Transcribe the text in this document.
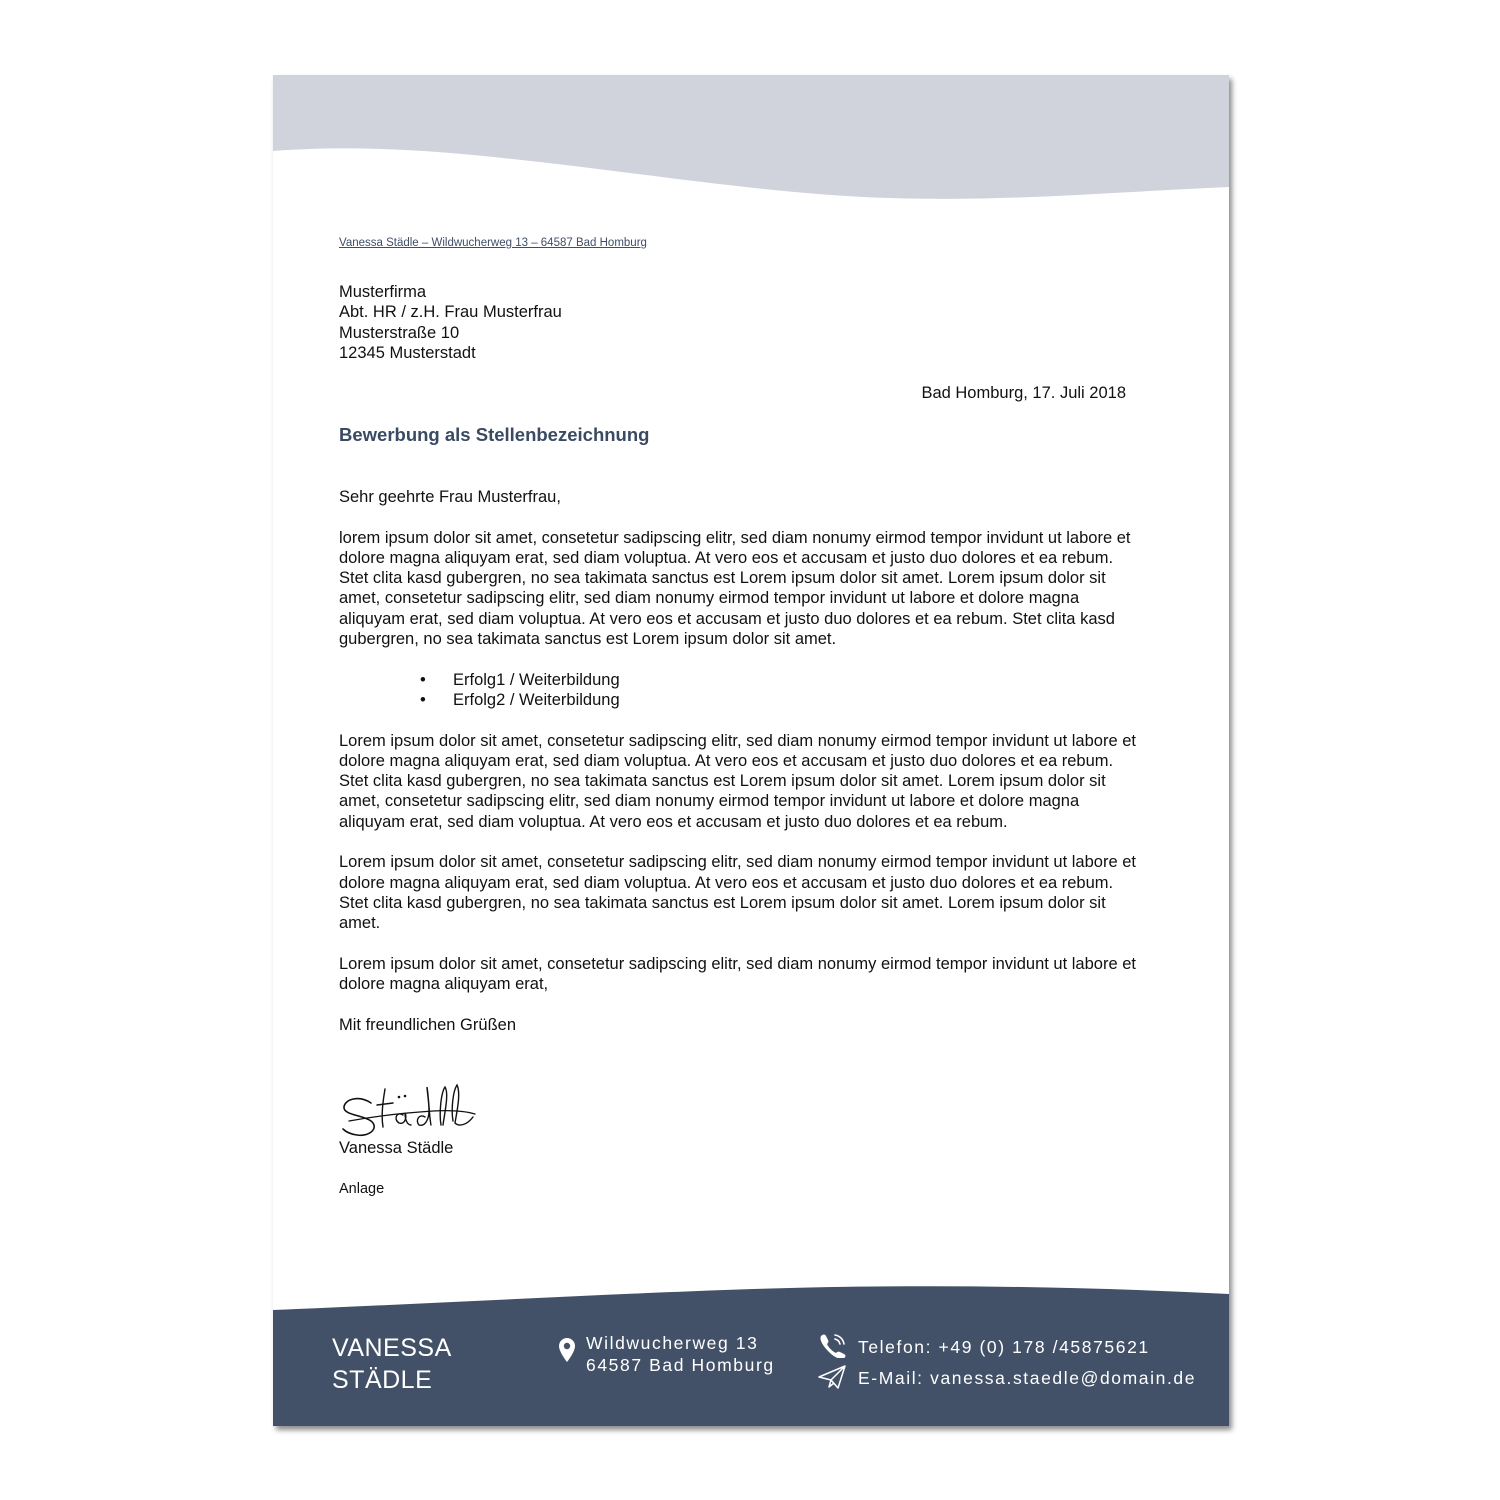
Vanessa Städle – Wildwucherweg 13 – 64587 Bad Homburg
Musterfirma
Abt. HR / z.H. Frau Musterfrau
Musterstraße 10
12345 Musterstadt
Bad Homburg, 17. Juli 2018
Bewerbung als Stellenbezeichnung

Sehr geehrte Frau Musterfrau,

lorem ipsum dolor sit amet, consetetur sadipscing elitr, sed diam nonumy eirmod tempor invidunt ut labore et dolore magna aliquyam erat, sed diam voluptua. At vero eos et accusam et justo duo dolores et ea rebum. Stet clita kasd gubergren, no sea takimata sanctus est Lorem ipsum dolor sit amet. Lorem ipsum dolor sit amet, consetetur sadipscing elitr, sed diam nonumy eirmod tempor invidunt ut labore et dolore magna aliquyam erat, sed diam voluptua. At vero eos et accusam et justo duo dolores et ea rebum. Stet clita kasd gubergren, no sea takimata sanctus est Lorem ipsum dolor sit amet.

• Erfolg1 / Weiterbildung
• Erfolg2 / Weiterbildung

Lorem ipsum dolor sit amet, consetetur sadipscing elitr, sed diam nonumy eirmod tempor invidunt ut labore et dolore magna aliquyam erat, sed diam voluptua. At vero eos et accusam et justo duo dolores et ea rebum. Stet clita kasd gubergren, no sea takimata sanctus est Lorem ipsum dolor sit amet. Lorem ipsum dolor sit amet, consetetur sadipscing elitr, sed diam nonumy eirmod tempor invidunt ut labore et dolore magna aliquyam erat, sed diam voluptua. At vero eos et accusam et justo duo dolores et ea rebum.

Lorem ipsum dolor sit amet, consetetur sadipscing elitr, sed diam nonumy eirmod tempor invidunt ut labore et dolore magna aliquyam erat, sed diam voluptua. At vero eos et accusam et justo duo dolores et ea rebum. Stet clita kasd gubergren, no sea takimata sanctus est Lorem ipsum dolor sit amet. Lorem ipsum dolor sit amet.

Lorem ipsum dolor sit amet, consetetur sadipscing elitr, sed diam nonumy eirmod tempor invidunt ut labore et dolore magna aliquyam erat,

Mit freundlichen Grüßen

Vanessa Städle
Anlage
VANESSA
STÄDLE
Wildwucherweg 13
64587 Bad Homburg
Telefon: +49 (0) 178 /45875621
E-Mail: vanessa.staedle@domain.de
